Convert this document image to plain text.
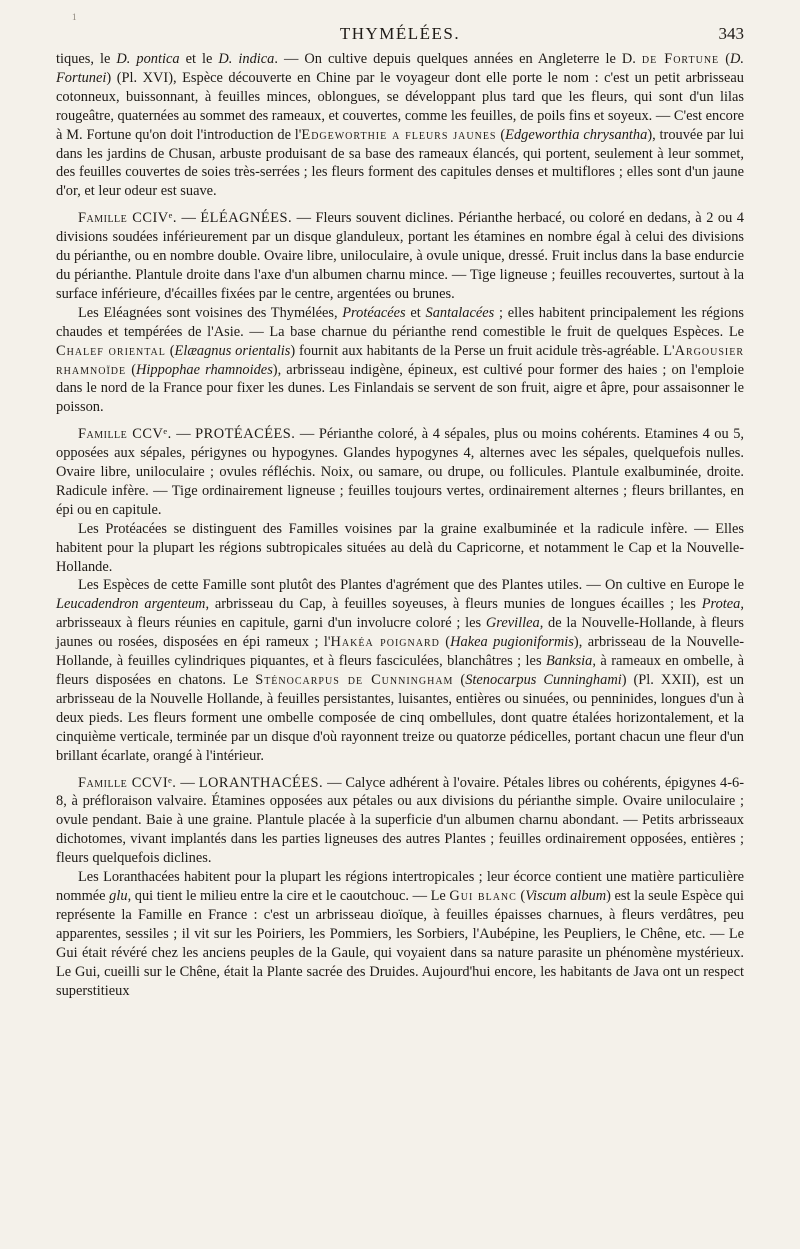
1
THYMÉLÉES.	343

tiques, le D. pontica et le D. indica. — On cultive depuis quelques années en Angleterre le D. de Fortune (D. Fortunei) (Pl. XVI), Espèce découverte en Chine par le voyageur dont elle porte le nom : c'est un petit arbrisseau cotonneux, buissonnant, à feuilles minces, oblongues, se développant plus tard que les fleurs, qui sont d'un lilas rougeâtre, quaternées au sommet des rameaux, et couvertes, comme les feuilles, de poils fins et soyeux. — C'est encore à M. Fortune qu'on doit l'introduction de l'Edgeworthie a fleurs jaunes (Edgeworthia chrysantha), trouvée par lui dans les jardins de Chusan, arbuste produisant de sa base des rameaux élancés, qui portent, seulement à leur sommet, des feuilles couvertes de soies très-serrées ; les fleurs forment des capitules denses et multiflores ; elles sont d'un jaune d'or, et leur odeur est suave.

Famille CCIVᵉ. — ÉLÉAGNÉES. — Fleurs souvent diclines. Périanthe herbacé, ou coloré en dedans, à 2 ou 4 divisions soudées inférieurement par un disque glanduleux, portant les étamines en nombre égal à celui des divisions du périanthe, ou en nombre double. Ovaire libre, uniloculaire, à ovule unique, dressé. Fruit inclus dans la base endurcie du périanthe. Plantule droite dans l'axe d'un albumen charnu mince. — Tige ligneuse ; feuilles recouvertes, surtout à la surface inférieure, d'écailles fixées par le centre, argentées ou brunes.

Les Eléagnées sont voisines des Thymélées, Protéacées et Santalacées ; elles habitent principalement les régions chaudes et tempérées de l'Asie. — La base charnue du périanthe rend comestible le fruit de quelques Espèces. Le Chalef oriental (Elæagnus orientalis) fournit aux habitants de la Perse un fruit acidule très-agréable. L'Argousier rhamnoïde (Hippophae rhamnoides), arbrisseau indigène, épineux, est cultivé pour former des haies ; on l'emploie dans le nord de la France pour fixer les dunes. Les Finlandais se servent de son fruit, aigre et âpre, pour assaisonner le poisson.

Famille CCVᵉ. — PROTÉACÉES. — Périanthe coloré, à 4 sépales, plus ou moins cohérents. Etamines 4 ou 5, opposées aux sépales, périgynes ou hypogynes. Glandes hypogynes 4, alternes avec les sépales, quelquefois nulles. Ovaire libre, uniloculaire ; ovules réfléchis. Noix, ou samare, ou drupe, ou follicules. Plantule exalbuminée, droite. Radicule infère. — Tige ordinairement ligneuse ; feuilles toujours vertes, ordinairement alternes ; fleurs brillantes, en épi ou en capitule.

Les Protéacées se distinguent des Familles voisines par la graine exalbuminée et la radicule infère. — Elles habitent pour la plupart les régions subtropicales situées au delà du Capricorne, et notamment le Cap et la Nouvelle-Hollande.

Les Espèces de cette Famille sont plutôt des Plantes d'agrément que des Plantes utiles. — On cultive en Europe le Leucadendron argenteum, arbrisseau du Cap, à feuilles soyeuses, à fleurs munies de longues écailles ; les Protea, arbrisseaux à fleurs réunies en capitule, garni d'un involucre coloré ; les Grevillea, de la Nouvelle-Hollande, à fleurs jaunes ou rosées, disposées en épi rameux ; l'Hakéa poignard (Hakea pugioniformis), arbrisseau de la Nouvelle-Hollande, à feuilles cylindriques piquantes, et à fleurs fasciculées, blanchâtres ; les Banksia, à rameaux en ombelle, à fleurs disposées en chatons. Le Sténocarpus de Cunningham (Stenocarpus Cunninghami) (Pl. XXII), est un arbrisseau de la Nouvelle Hollande, à feuilles persistantes, luisantes, entières ou sinuées, ou penninides, longues d'un à deux pieds. Les fleurs forment une ombelle composée de cinq ombellules, dont quatre étalées horizontalement, et la cinquième verticale, terminée par un disque d'où rayonnent treize ou quatorze pédicelles, portant chacun une fleur d'un brillant écarlate, orangé à l'intérieur.

Famille CCVIᵉ. — LORANTHACÉES. — Calyce adhérent à l'ovaire. Pétales libres ou cohérents, épigynes 4-6-8, à préfloraison valvaire. Étamines opposées aux pétales ou aux divisions du périanthe simple. Ovaire uniloculaire ; ovule pendant. Baie à une graine. Plantule placée à la superficie d'un albumen charnu abondant. — Petits arbrisseaux dichotomes, vivant implantés dans les parties ligneuses des autres Plantes ; feuilles ordinairement opposées, entières ; fleurs quelquefois diclines.

Les Loranthacées habitent pour la plupart les régions intertropicales ; leur écorce contient une matière particulière nommée glu, qui tient le milieu entre la cire et le caoutchouc. — Le Gui blanc (Viscum album) est la seule Espèce qui représente la Famille en France : c'est un arbrisseau dioïque, à feuilles épaisses charnues, à fleurs verdâtres, peu apparentes, sessiles ; il vit sur les Poiriers, les Pommiers, les Sorbiers, l'Aubépine, les Peupliers, le Chêne, etc. — Le Gui était révéré chez les anciens peuples de la Gaule, qui voyaient dans sa nature parasite un phénomène mystérieux. Le Gui, cueilli sur le Chêne, était la Plante sacrée des Druides. Aujourd'hui encore, les habitants de Java ont un respect superstitieux
